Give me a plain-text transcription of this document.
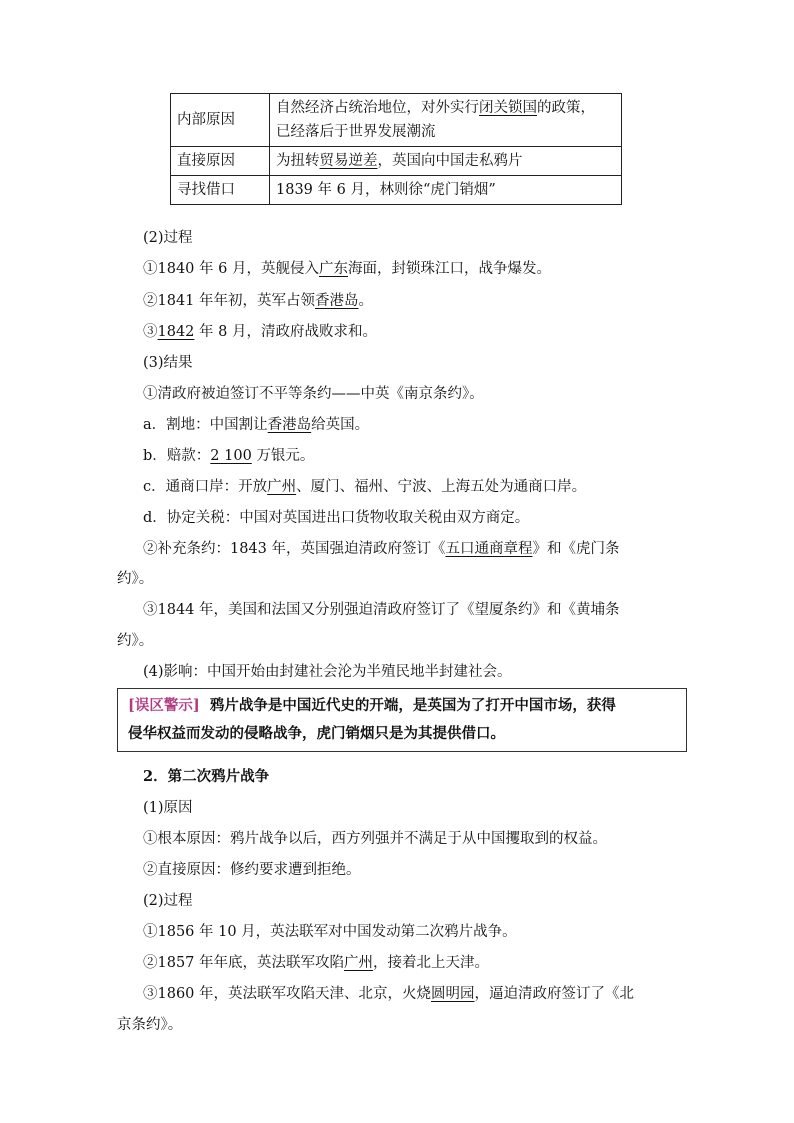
内部原因	自然经济占统治地位，对外实行闭关锁国的政策，
已经落后于世界发展潮流
直接原因	为扭转贸易逆差，英国向中国走私鸦片
寻找借口	1839 年 6 月，林则徐“虎门销烟”
(2)过程
①1840 年 6 月，英舰侵入广东海面，封锁珠江口，战争爆发。
②1841 年年初，英军占领香港岛。
③1842 年 8 月，清政府战败求和。
(3)结果
①清政府被迫签订不平等条约——中英《南京条约》。
a．割地：中国割让香港岛给英国。
b．赔款：2 100 万银元。
c．通商口岸：开放广州、厦门、福州、宁波、上海五处为通商口岸。
d．协定关税：中国对英国进出口货物收取关税由双方商定。
②补充条约：1843 年，英国强迫清政府签订《五口通商章程》和《虎门条
约》。
③1844 年，美国和法国又分别强迫清政府签订了《望厦条约》和《黄埔条
约》。
(4)影响：中国开始由封建社会沦为半殖民地半封建社会。
[误区警示] 鸦片战争是中国近代史的开端，是英国为了打开中国市场，获得
侵华权益而发动的侵略战争，虎门销烟只是为其提供借口。
2．第二次鸦片战争
(1)原因
①根本原因：鸦片战争以后，西方列强并不满足于从中国攫取到的权益。
②直接原因：修约要求遭到拒绝。
(2)过程
①1856 年 10 月，英法联军对中国发动第二次鸦片战争。
②1857 年年底，英法联军攻陷广州，接着北上天津。
③1860 年，英法联军攻陷天津、北京，火烧圆明园，逼迫清政府签订了《北
京条约》。
